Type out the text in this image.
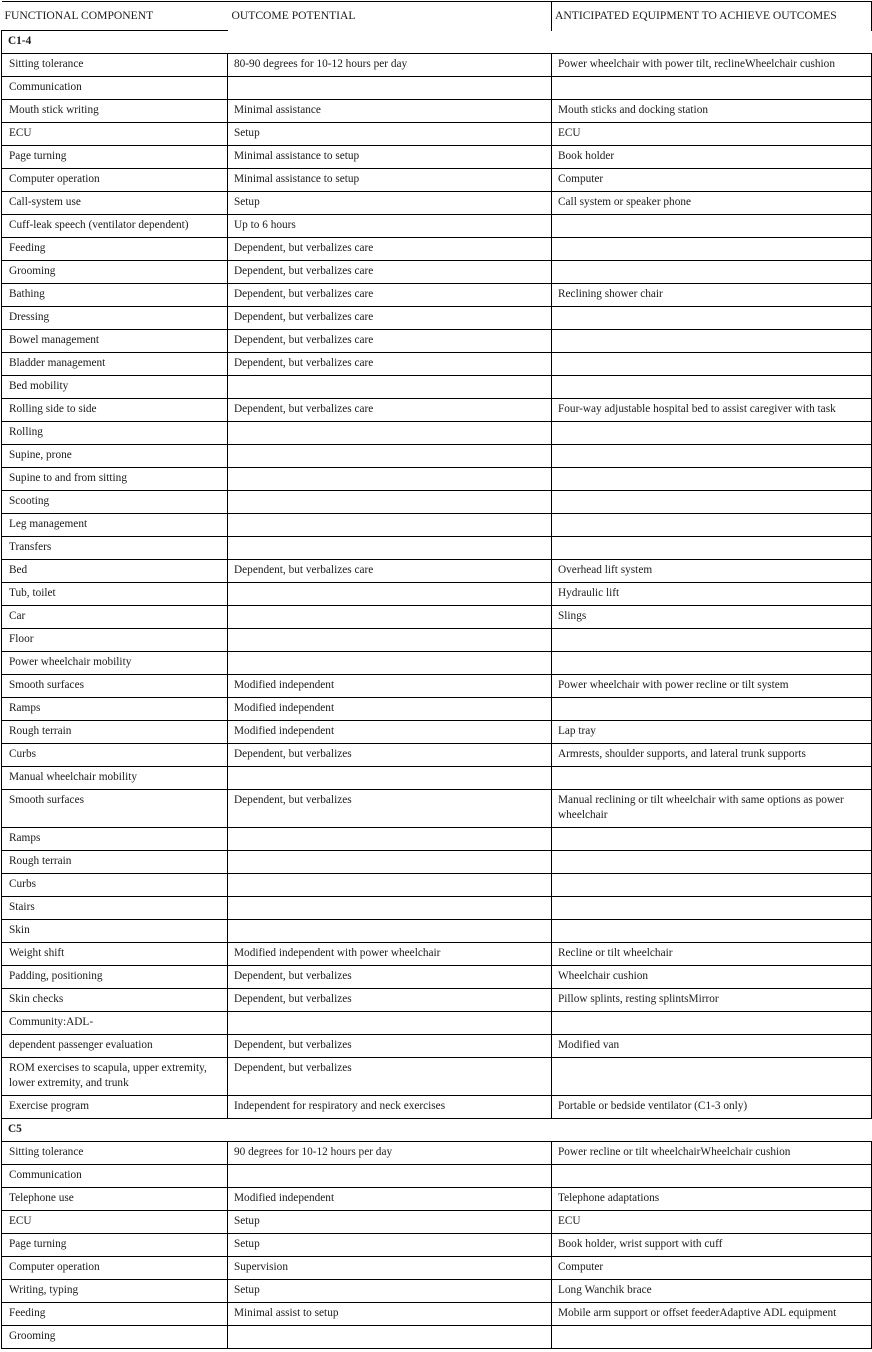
FUNCTIONAL COMPONENT	OUTCOME POTENTIAL	ANTICIPATED EQUIPMENT TO ACHIEVE OUTCOMES
C1-4		
Sitting tolerance	80-90 degrees for 10-12 hours per day	Power wheelchair with power tilt, reclineWheelchair cushion
Communication		
Mouth stick writing	Minimal assistance	Mouth sticks and docking station
ECU	Setup	ECU
Page turning	Minimal assistance to setup	Book holder
Computer operation	Minimal assistance to setup	Computer
Call-system use	Setup	Call system or speaker phone
Cuff-leak speech (ventilator dependent)	Up to 6 hours	
Feeding	Dependent, but verbalizes care	
Grooming	Dependent, but verbalizes care	
Bathing	Dependent, but verbalizes care	Reclining shower chair
Dressing	Dependent, but verbalizes care	
Bowel management	Dependent, but verbalizes care	
Bladder management	Dependent, but verbalizes care	
Bed mobility		
Rolling side to side	Dependent, but verbalizes care	Four-way adjustable hospital bed to assist caregiver with task
Rolling		
Supine, prone		
Supine to and from sitting		
Scooting		
Leg management		
Transfers		
Bed	Dependent, but verbalizes care	Overhead lift system
Tub, toilet		Hydraulic lift
Car		Slings
Floor		
Power wheelchair mobility		
Smooth surfaces	Modified independent	Power wheelchair with power recline or tilt system
Ramps	Modified independent	
Rough terrain	Modified independent	Lap tray
Curbs	Dependent, but verbalizes	Armrests, shoulder supports, and lateral trunk supports
Manual wheelchair mobility		
Smooth surfaces	Dependent, but verbalizes	Manual reclining or tilt wheelchair with same options as power wheelchair
Ramps		
Rough terrain		
Curbs		
Stairs		
Skin		
Weight shift	Modified independent with power wheelchair	Recline or tilt wheelchair
Padding, positioning	Dependent, but verbalizes	Wheelchair cushion
Skin checks	Dependent, but verbalizes	Pillow splints, resting splintsMirror
Community:ADL-		
dependent passenger evaluation	Dependent, but verbalizes	Modified van
ROM exercises to scapula, upper extremity, lower extremity, and trunk	Dependent, but verbalizes	
Exercise program	Independent for respiratory and neck exercises	Portable or bedside ventilator (C1-3 only)
C5		
Sitting tolerance	90 degrees for 10-12 hours per day	Power recline or tilt wheelchairWheelchair cushion
Communication		
Telephone use	Modified independent	Telephone adaptations
ECU	Setup	ECU
Page turning	Setup	Book holder, wrist support with cuff
Computer operation	Supervision	Computer
Writing, typing	Setup	Long Wanchik brace
Feeding	Minimal assist to setup	Mobile arm support or offset feederAdaptive ADL equipment
Grooming		
